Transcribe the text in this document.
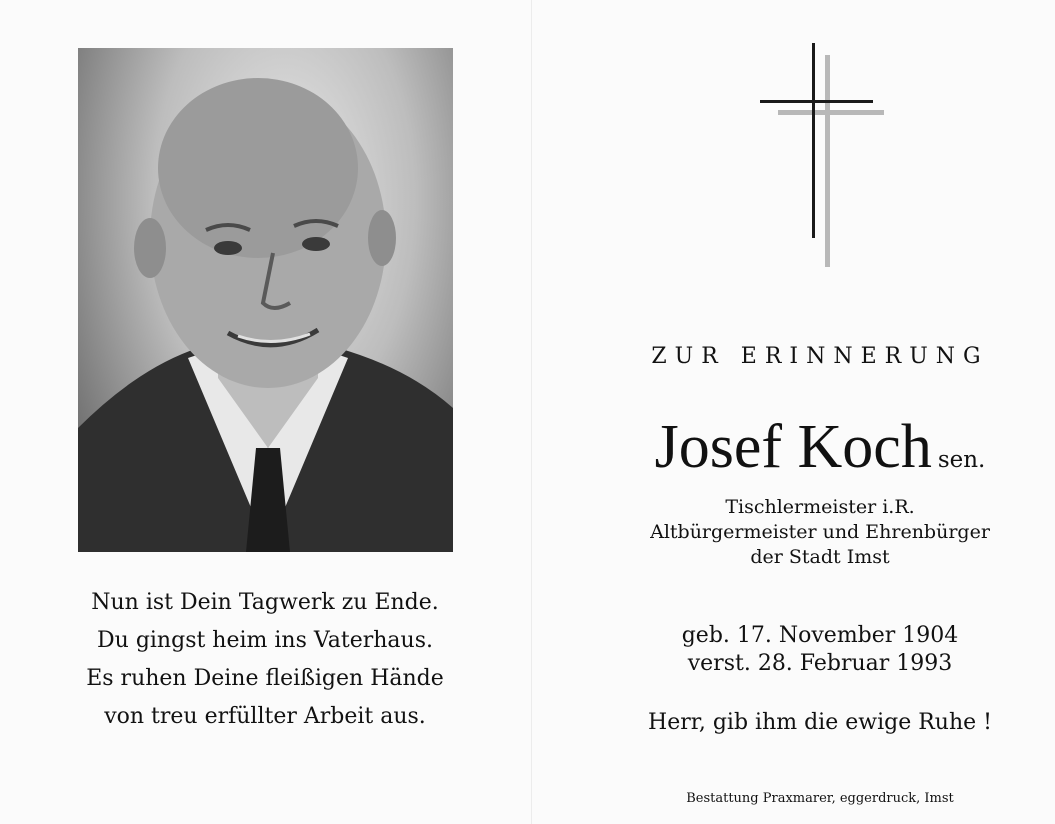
Nun ist Dein Tagwerk zu Ende.
Du gingst heim ins Vaterhaus.
Es ruhen Deine fleißigen Hände
von treu erfüllter Arbeit aus.
ZUR ERINNERUNG
Josef Koch sen.
Tischlermeister i.R.
Altbürgermeister und Ehrenbürger
der Stadt Imst
geb. 17. November 1904
verst. 28. Februar 1993
Herr, gib ihm die ewige Ruhe !
Bestattung Praxmarer, eggerdruck, Imst
